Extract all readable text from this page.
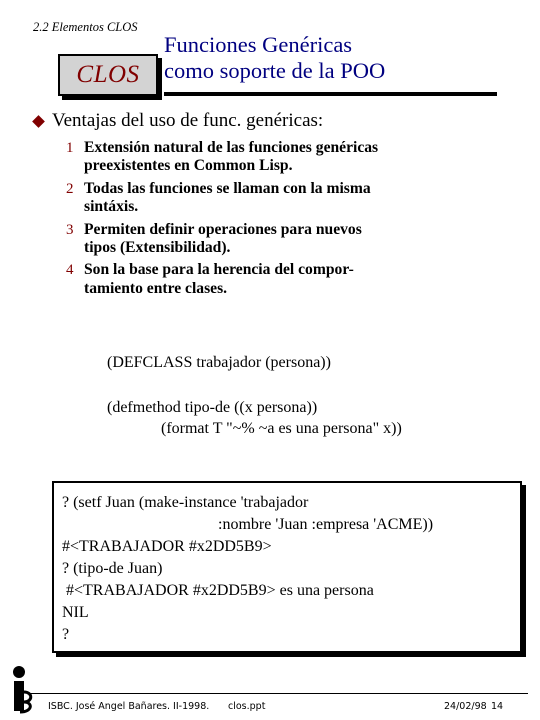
2.2 Elementos CLOS
CLOS
Funciones Genéricas
como soporte de la POO
Ventajas del uso de func. genéricas:
1 Extensión natural de las funciones genéricas
preexistentes en Common Lisp.
2 Todas las funciones se llaman con la misma
sintáxis.
3 Permiten definir operaciones para nuevos
tipos (Extensibilidad).
4 Son la base para la herencia del compor-
tamiento entre clases.
(DEFCLASS trabajador (persona))
(defmethod tipo-de ((x persona))
(format T "~% ~a es una persona" x))
? (setf Juan (make-instance 'trabajador
:nombre 'Juan :empresa 'ACME))
#<TRABAJADOR #x2DD5B9>
? (tipo-de Juan)
#<TRABAJADOR #x2DD5B9> es una persona
NIL
?
ISBC. José Angel Bañares. II-1998. clos.ppt	24/02/98 14
